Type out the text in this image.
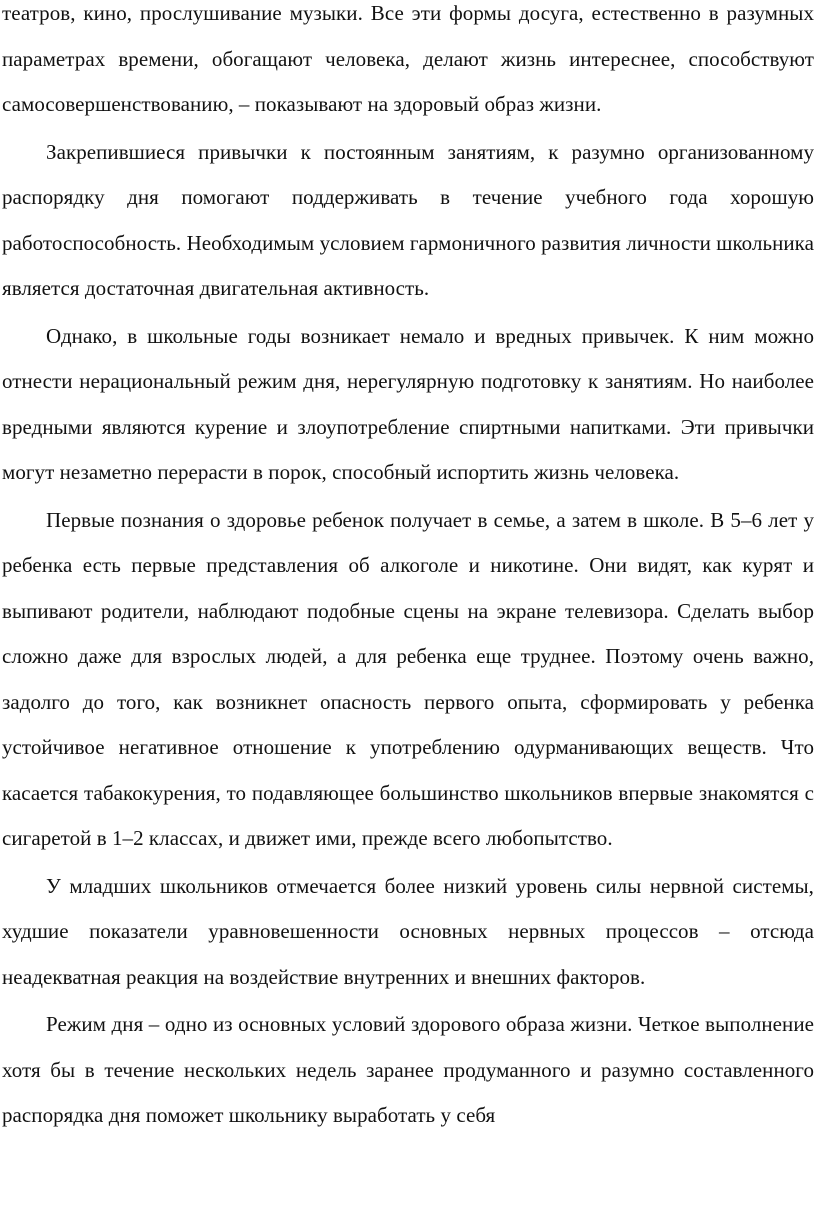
театров, кино, прослушивание музыки. Все эти формы досуга, естественно в разумных параметрах времени, обогащают человека, делают жизнь интереснее, способствуют самосовершенствованию, – показывают на здоровый образ жизни.

Закрепившиеся привычки к постоянным занятиям, к разумно организованному распорядку дня помогают поддерживать в течение учебного года хорошую работоспособность. Необходимым условием гармоничного развития личности школьника является достаточная двигательная активность.

Однако, в школьные годы возникает немало и вредных привычек. К ним можно отнести нерациональный режим дня, нерегулярную подготовку к занятиям. Но наиболее вредными являются курение и злоупотребление спиртными напитками. Эти привычки могут незаметно перерасти в порок, способный испортить жизнь человека.

Первые познания о здоровье ребенок получает в семье, а затем в школе. В 5–6 лет у ребенка есть первые представления об алкоголе и никотине. Они видят, как курят и выпивают родители, наблюдают подобные сцены на экране телевизора. Сделать выбор сложно даже для взрослых людей, а для ребенка еще труднее. Поэтому очень важно, задолго до того, как возникнет опасность первого опыта, сформировать у ребенка устойчивое негативное отношение к употреблению одурманивающих веществ. Что касается табакокурения, то подавляющее большинство школьников впервые знакомятся с сигаретой в 1–2 классах, и движет ими, прежде всего любопытство.

У младших школьников отмечается более низкий уровень силы нервной системы, худшие показатели уравновешенности основных нервных процессов – отсюда неадекватная реакция на воздействие внутренних и внешних факторов.

Режим дня – одно из основных условий здорового образа жизни. Четкое выполнение хотя бы в течение нескольких недель заранее продуманного и разумно составленного распорядка дня поможет школьнику выработать у себя
